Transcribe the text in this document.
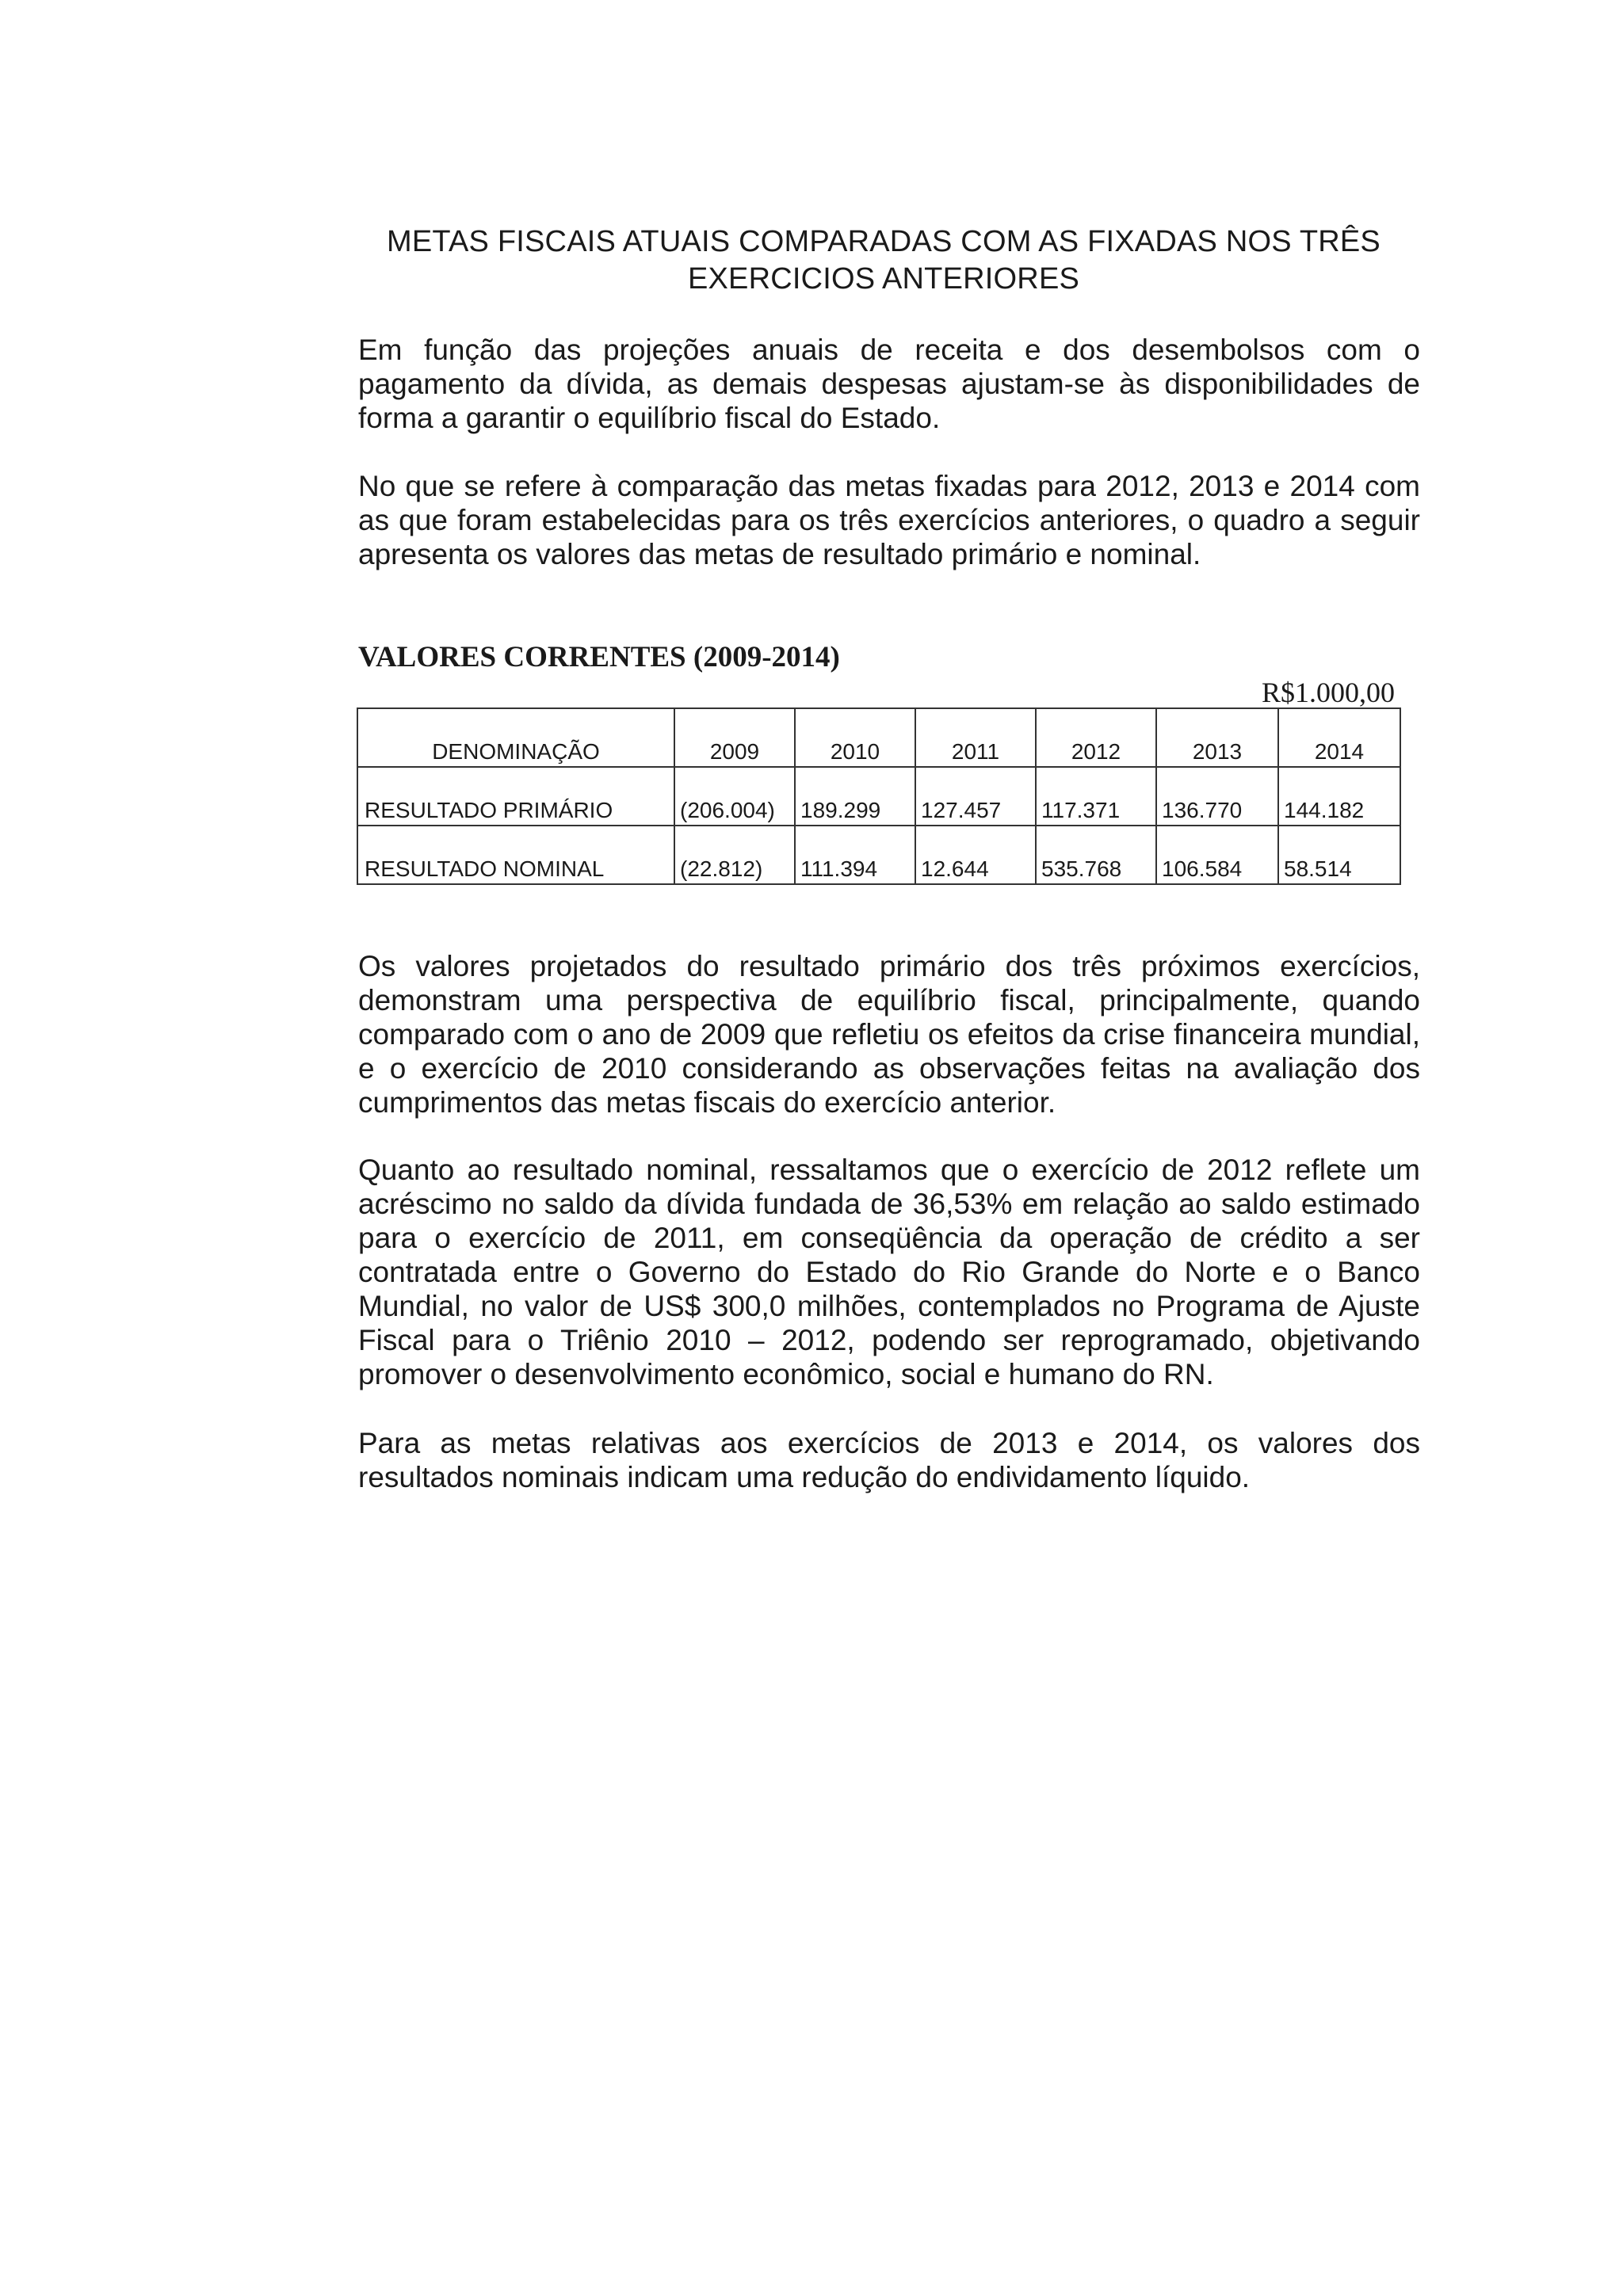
METAS FISCAIS ATUAIS COMPARADAS COM AS FIXADAS NOS TRÊS
EXERCICIOS ANTERIORES

Em função das projeções anuais de receita e dos desembolsos com o pagamento da dívida, as demais despesas ajustam-se às disponibilidades de forma a garantir o equilíbrio fiscal do Estado.

No que se refere à comparação das metas fixadas para 2012, 2013 e 2014 com as que foram estabelecidas para os três exercícios anteriores, o quadro a seguir apresenta os valores das metas de resultado primário e nominal.

VALORES CORRENTES (2009-2014)
R$1.000,00
DENOMINAÇÃO	2009	2010	2011	2012	2013	2014
RESULTADO PRIMÁRIO	(206.004)	189.299	127.457	117.371	136.770	144.182
RESULTADO NOMINAL	(22.812)	111.394	12.644	535.768	106.584	58.514

Os valores projetados do resultado primário dos três próximos exercícios, demonstram uma perspectiva de equilíbrio fiscal, principalmente, quando comparado com o ano de 2009 que refletiu os efeitos da crise financeira mundial, e o exercício de 2010 considerando as observações feitas na avaliação dos cumprimentos das metas fiscais do exercício anterior.

Quanto ao resultado nominal, ressaltamos que o exercício de 2012 reflete um acréscimo no saldo da dívida fundada de 36,53% em relação ao saldo estimado para o exercício de 2011, em conseqüência da operação de crédito a ser contratada entre o Governo do Estado do Rio Grande do Norte e o Banco Mundial, no valor de US$ 300,0 milhões, contemplados no Programa de Ajuste Fiscal para o Triênio 2010 – 2012, podendo ser reprogramado, objetivando promover o desenvolvimento econômico, social e humano do RN.

Para as metas relativas aos exercícios de 2013 e 2014, os valores dos resultados nominais indicam uma redução do endividamento líquido.
